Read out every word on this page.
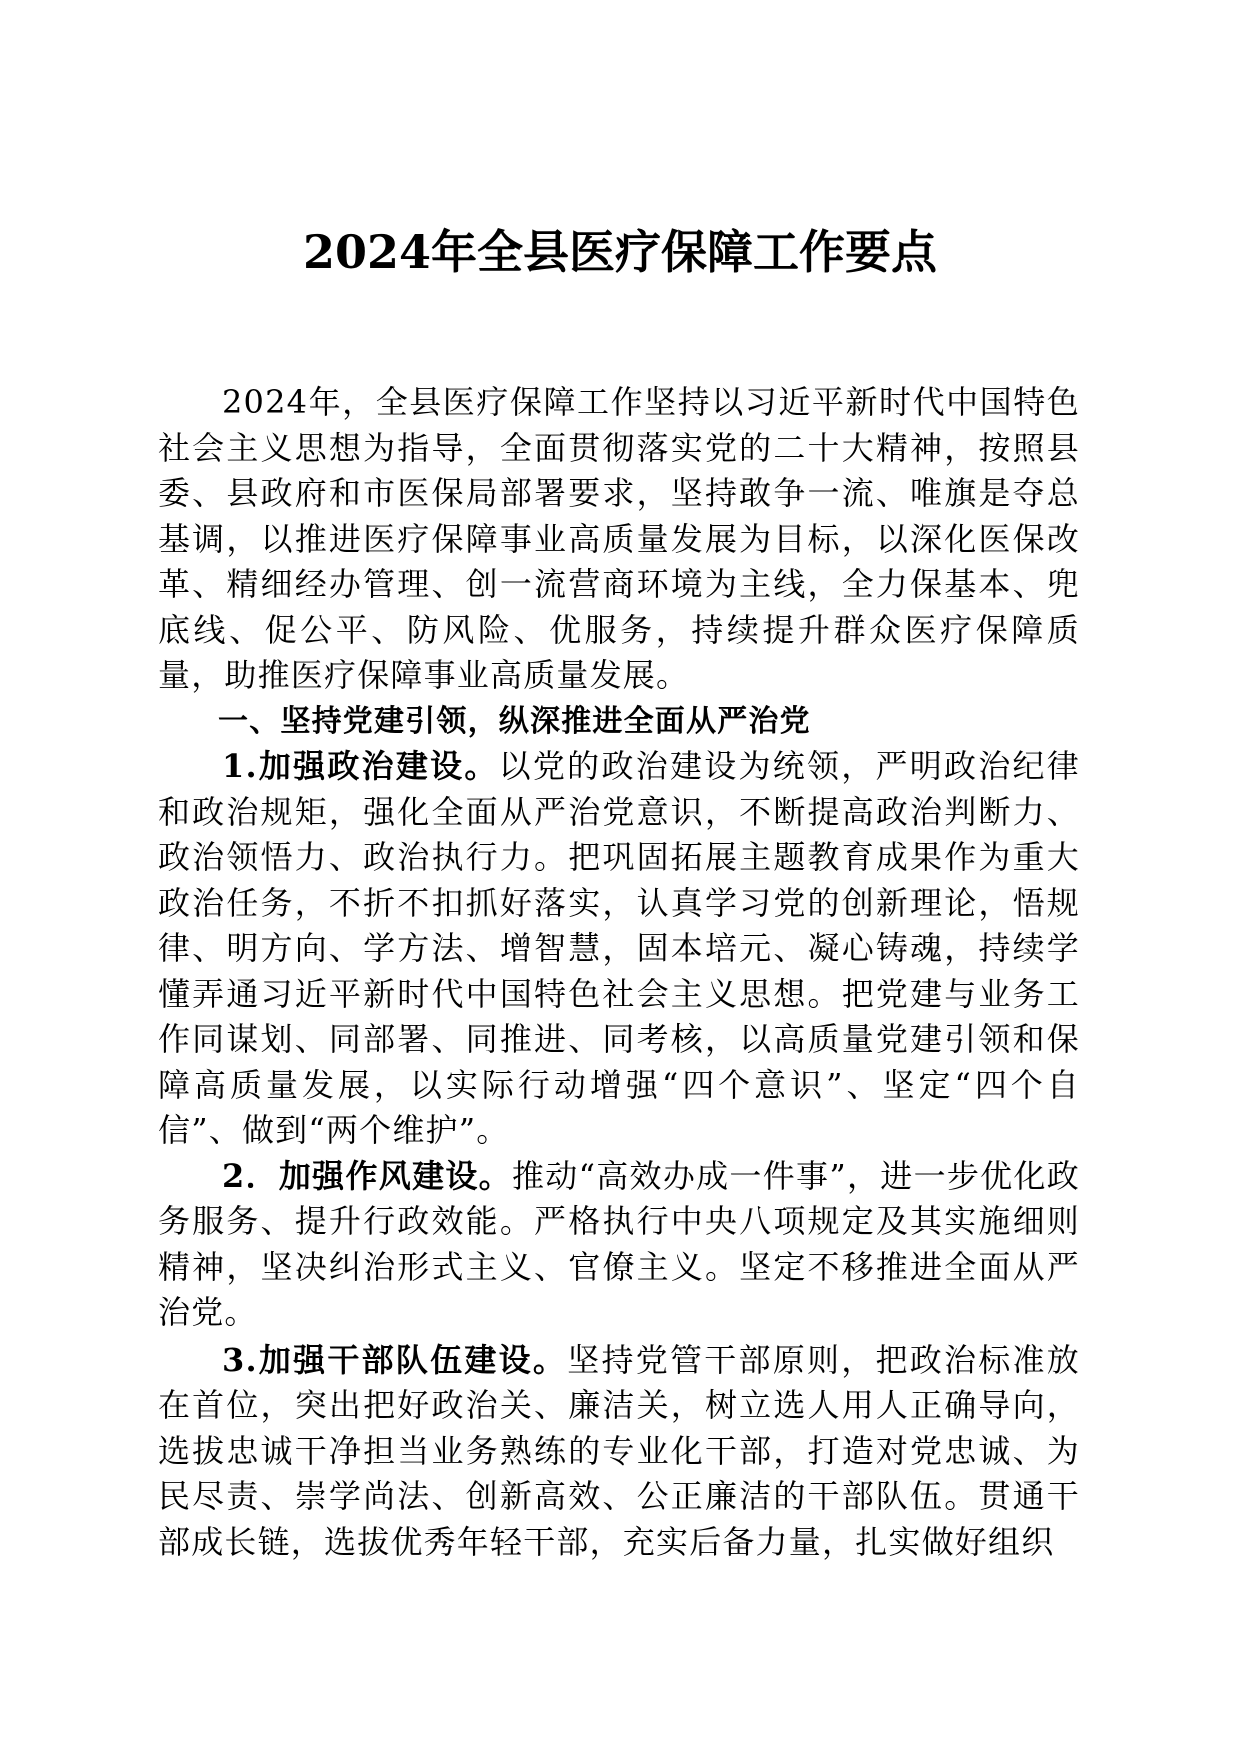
2024年全县医疗保障工作要点

2024年，全县医疗保障工作坚持以习近平新时代中国特色社会主义思想为指导，全面贯彻落实党的二十大精神，按照县委、县政府和市医保局部署要求，坚持敢争一流、唯旗是夺总基调，以推进医疗保障事业高质量发展为目标，以深化医保改革、精细经办管理、创一流营商环境为主线，全力保基本、兜底线、促公平、防风险、优服务，持续提升群众医疗保障质量，助推医疗保障事业高质量发展。

一、坚持党建引领，纵深推进全面从严治党

1.加强政治建设。以党的政治建设为统领，严明政治纪律和政治规矩，强化全面从严治党意识，不断提高政治判断力、政治领悟力、政治执行力。把巩固拓展主题教育成果作为重大政治任务，不折不扣抓好落实，认真学习党的创新理论，悟规律、明方向、学方法、增智慧，固本培元、凝心铸魂，持续学懂弄通习近平新时代中国特色社会主义思想。把党建与业务工作同谋划、同部署、同推进、同考核，以高质量党建引领和保障高质量发展，以实际行动增强“四个意识”、坚定“四个自信”、做到“两个维护”。

2．加强作风建设。推动“高效办成一件事”，进一步优化政务服务、提升行政效能。严格执行中央八项规定及其实施细则精神，坚决纠治形式主义、官僚主义。坚定不移推进全面从严治党。

3.加强干部队伍建设。坚持党管干部原则，把政治标准放在首位，突出把好政治关、廉洁关，树立选人用人正确导向，选拔忠诚干净担当业务熟练的专业化干部，打造对党忠诚、为民尽责、崇学尚法、创新高效、公正廉洁的干部队伍。贯通干部成长链，选拔优秀年轻干部，充实后备力量，扎实做好组织
